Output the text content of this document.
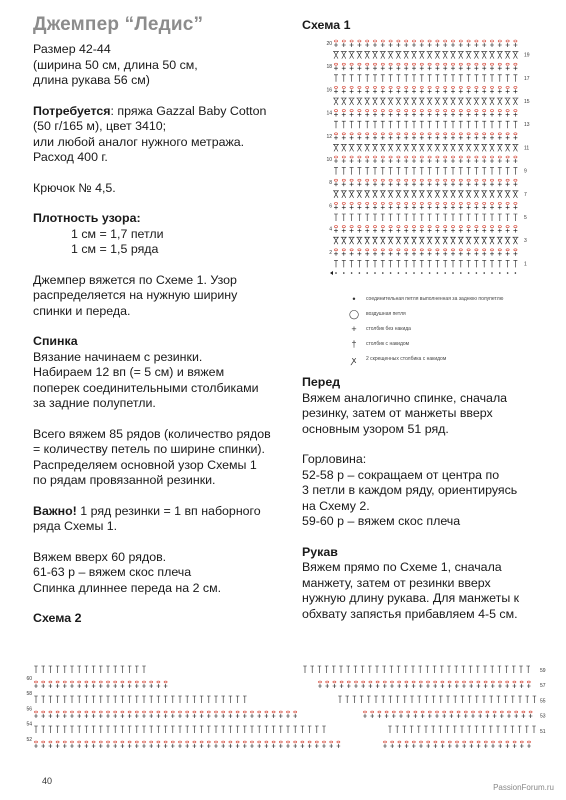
Джемпер “Ледис”
Размер 42-44
(ширина 50 см, длина 50 см,
длина рукава 56 см)
Потребуется: пряжа Gazzal Baby Cotton
(50 г/165 м), цвет 3410;
или любой аналог нужного метража.
Расход 400 г.
Крючок № 4,5.
Плотность узора:
1 см = 1,7 петли
1 см = 1,5 ряда
Джемпер вяжется по Схеме 1. Узор
распределяется на нужную ширину
спинки и переда.
Спинка
Вязание начинаем с резинки.
Набираем 12 вп (= 5 см) и вяжем
поперек соединительными столбиками
за задние полупетли.
Всего вяжем 85 рядов (количество рядов
= количеству петель по ширине спинки).
Распределяем основной узор Схемы 1
по рядам провязанной резинки.
Важно! 1 ряд резинки = 1 вп наборного
ряда Схемы 1.
Вяжем вверх 60 рядов.
61-63 р – вяжем скос плеча
Спинка длиннее переда на 2 см.
Схема 2
Схема 1
20
19
18
17
16
15
14
13
12
11
10
9
8
7
6
5
4
3
2
1
•	соединительная петля выполненная за заднюю полупетлю
◯	воздушная петля
+	столбик без накида
†	столбик с накидом
ꭗ	2 скрещенных столбика с накидом
Перед
Вяжем аналогично спинке, сначала
резинку, затем от манжеты вверх
основным узором 51 ряд.
Горловина:
52-58 р – сокращаем от центра по
3 петли в каждом ряду, ориентируясь
на Схему 2.
59-60 р – вяжем скос плеча
Рукав
Вяжем прямо по Схеме 1, сначала
манжету, затем от резинки вверх
нужную длину рукава. Для манжеты к
обхвату запястья прибавляем 4-5 см.
60
58
56
54
52
59
57
55
53
51
40
PassionForum.ru
